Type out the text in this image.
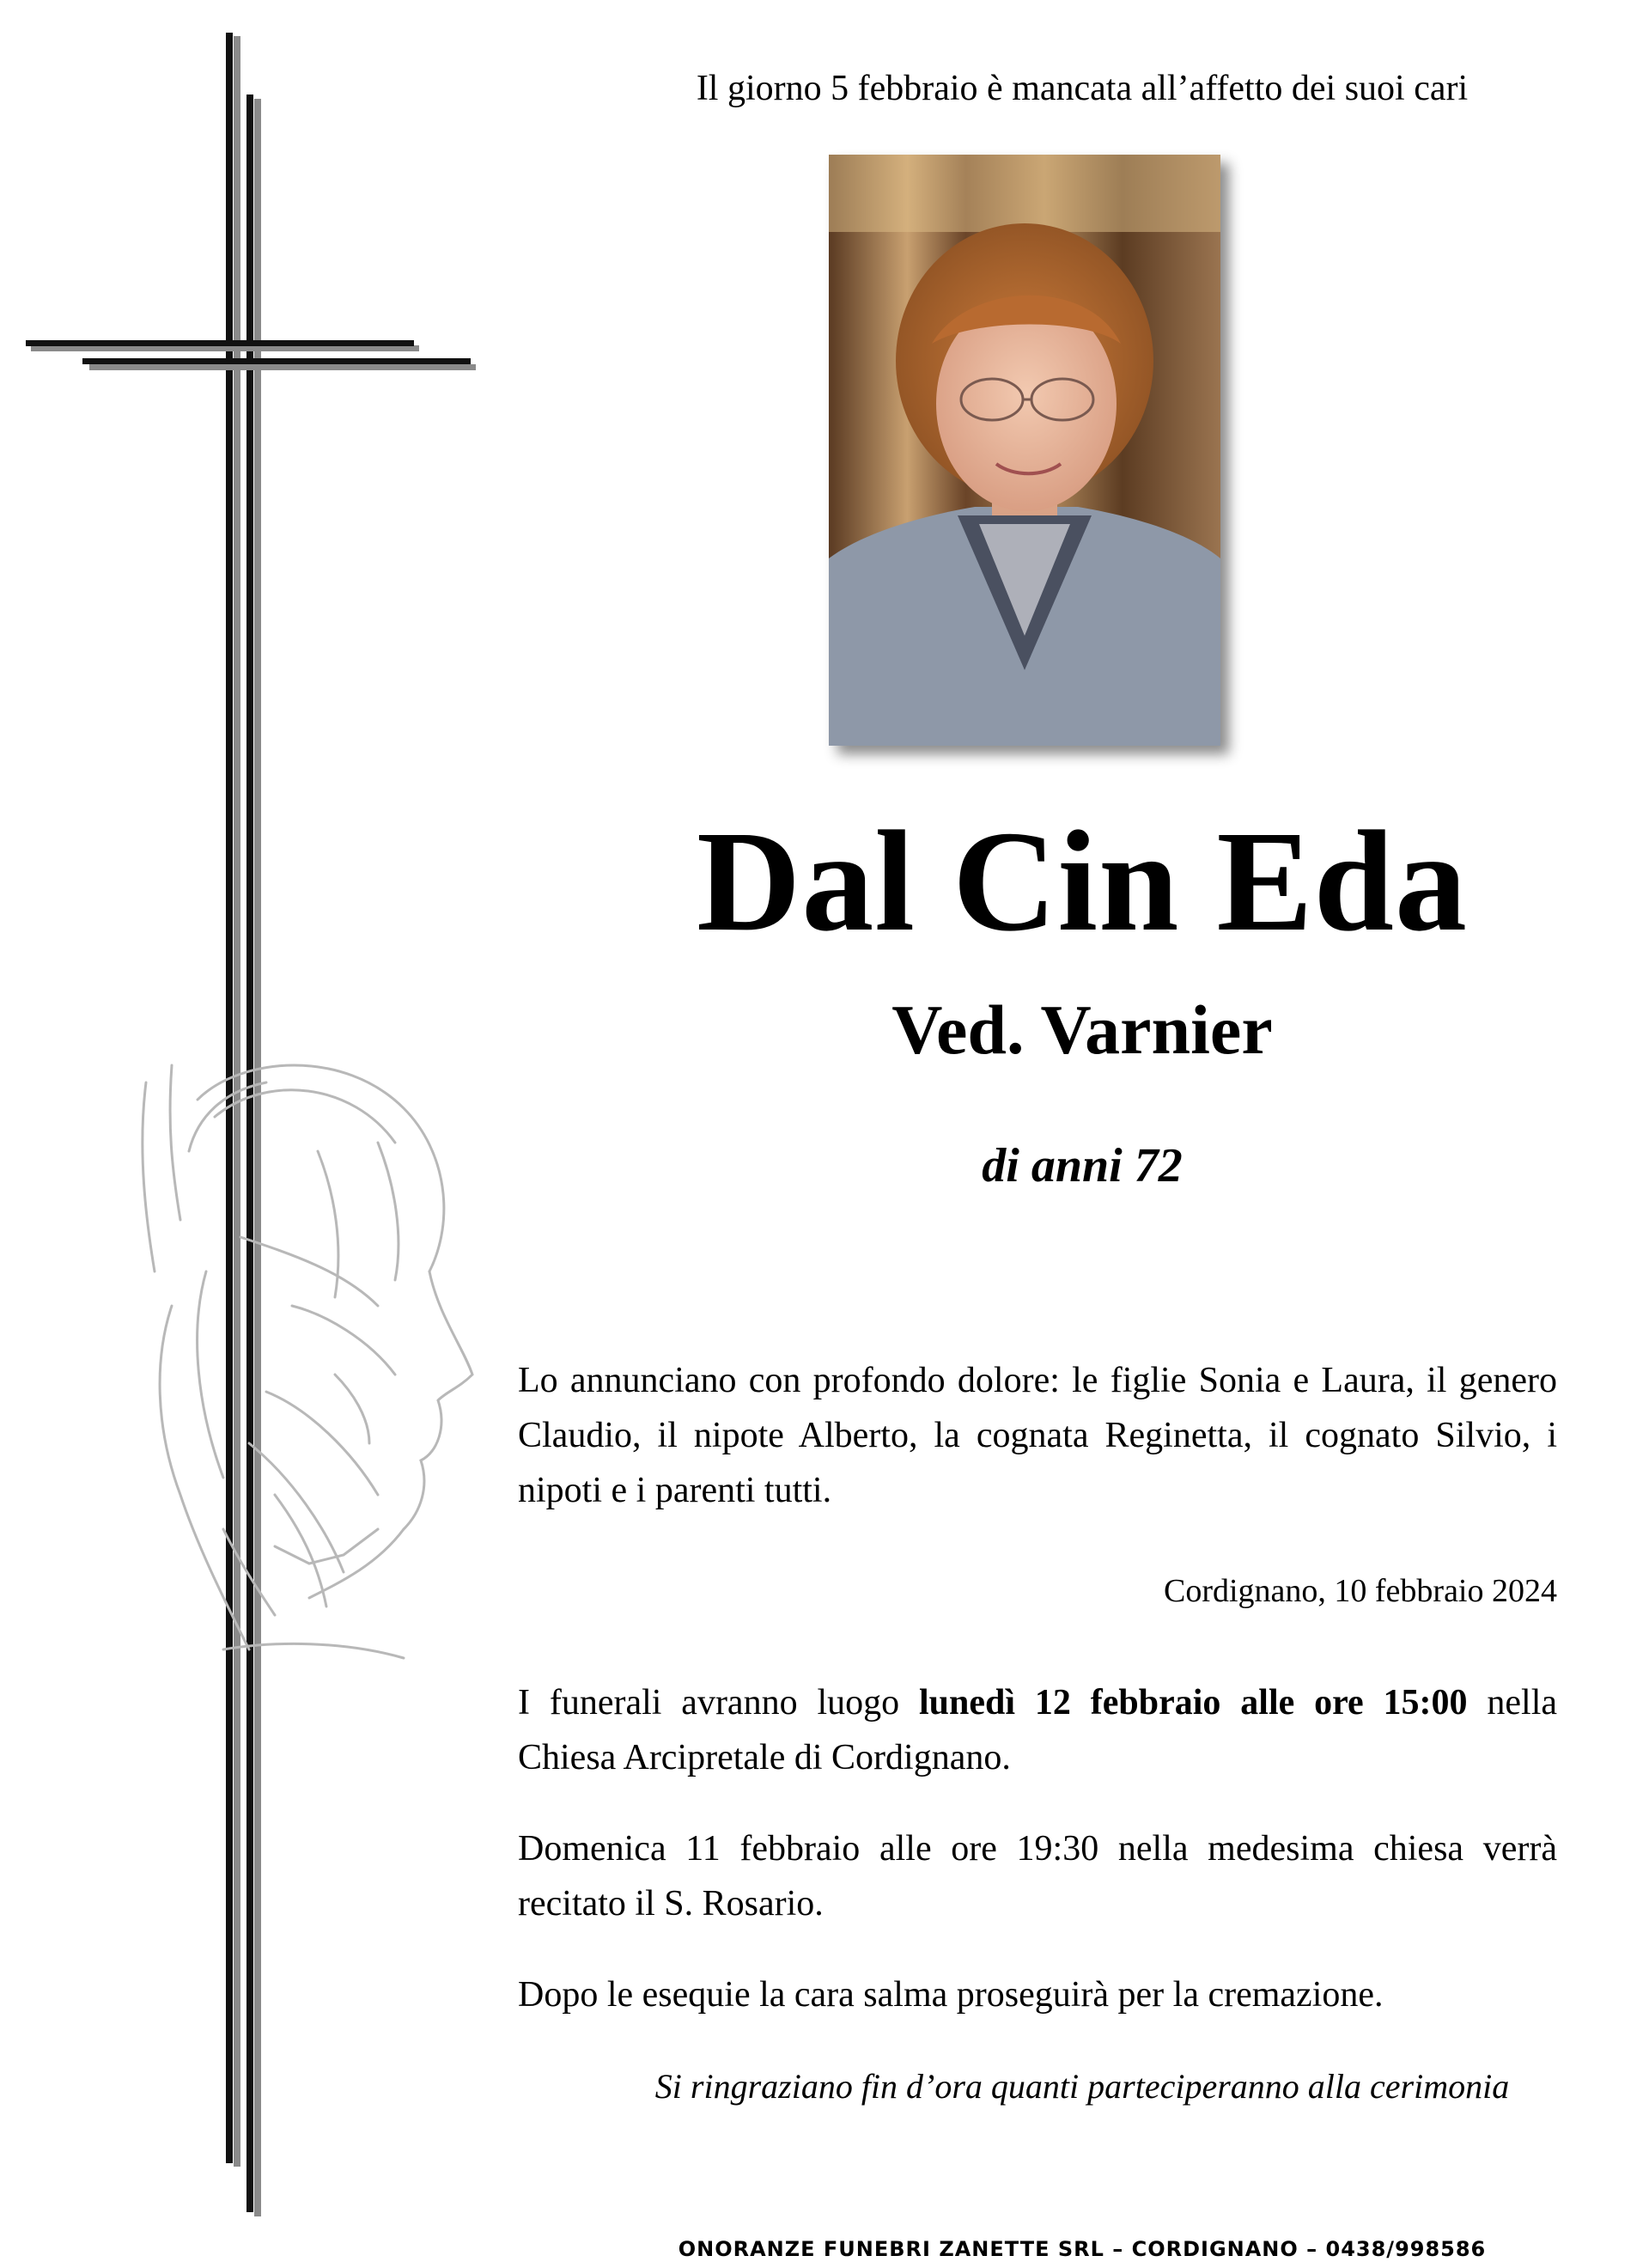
Il giorno 5 febbraio è mancata all’affetto dei suoi cari
Dal Cin Eda
Ved. Varnier
di anni 72
Lo annunciano con profondo dolore: le figlie Sonia e Laura, il genero Claudio, il nipote Alberto, la cognata Reginetta, il cognato Silvio, i nipoti e i parenti tutti.
Cordignano, 10 febbraio 2024
I funerali avranno luogo lunedì 12 febbraio alle ore 15:00 nella Chiesa Arcipretale di Cordignano.
Domenica 11 febbraio alle ore 19:30 nella medesima chiesa verrà recitato il S. Rosario.
Dopo le esequie la cara salma proseguirà per la cremazione.
Si ringraziano fin d’ora quanti parteciperanno alla cerimonia
ONORANZE FUNEBRI ZANETTE SRL – CORDIGNANO – 0438/998586
